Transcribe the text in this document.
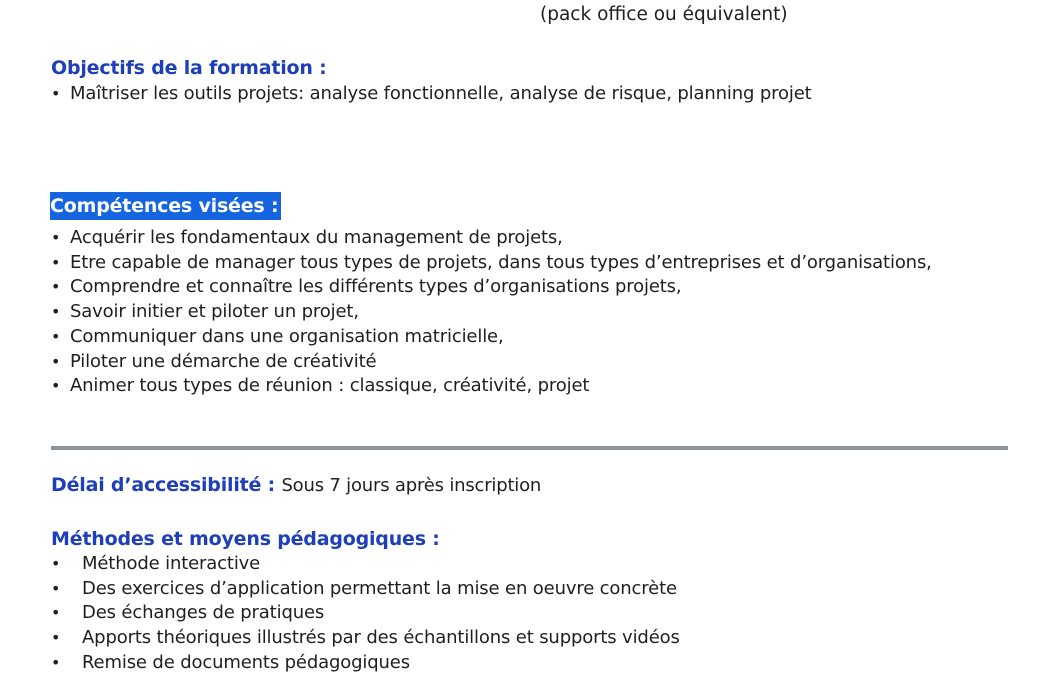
(pack office ou équivalent)
Objectifs de la formation :
• Maîtriser les outils projets: analyse fonctionnelle, analyse de risque, planning projet
Compétences visées :
• Acquérir les fondamentaux du management de projets,
• Etre capable de manager tous types de projets, dans tous types d’entreprises et d’organisations,
• Comprendre et connaître les différents types d’organisations projets,
• Savoir initier et piloter un projet,
• Communiquer dans une organisation matricielle,
• Piloter une démarche de créativité
• Animer tous types de réunion : classique, créativité, projet
Délai d’accessibilité : Sous 7 jours après inscription
Méthodes et moyens pédagogiques :
• Méthode interactive
• Des exercices d’application permettant la mise en oeuvre concrète
• Des échanges de pratiques
• Apports théoriques illustrés par des échantillons et supports vidéos
• Remise de documents pédagogiques
